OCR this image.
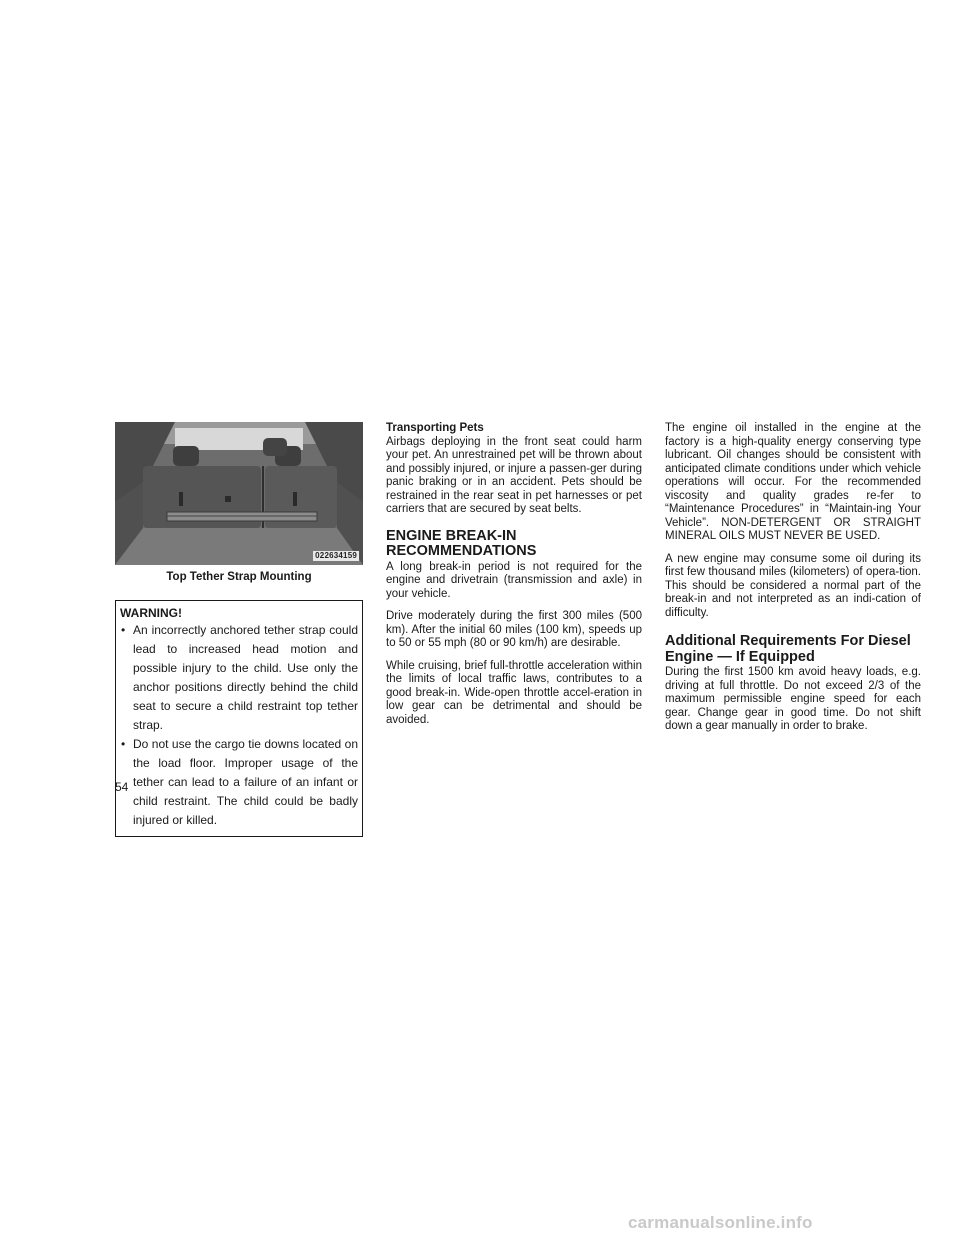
022634159
Top Tether Strap Mounting
WARNING!
• An incorrectly anchored tether strap could lead to increased head motion and possible injury to the child. Use only the anchor positions directly behind the child seat to secure a child restraint top tether strap.
• Do not use the cargo tie downs located on the load floor. Improper usage of the tether can lead to a failure of an infant or child restraint. The child could be badly injured or killed.
Transporting Pets

Airbags deploying in the front seat could harm your pet. An unrestrained pet will be thrown about and possibly injured, or injure a passen-ger during panic braking or in an accident. Pets should be restrained in the rear seat in pet harnesses or pet carriers that are secured by seat belts.

ENGINE BREAK-IN
RECOMMENDATIONS

A long break-in period is not required for the engine and drivetrain (transmission and axle) in your vehicle.

Drive moderately during the first 300 miles (500 km). After the initial 60 miles (100 km), speeds up to 50 or 55 mph (80 or 90 km/h) are desirable.

While cruising, brief full-throttle acceleration within the limits of local traffic laws, contributes to a good break-in. Wide-open throttle accel-eration in low gear can be detrimental and should be avoided.

The engine oil installed in the engine at the factory is a high-quality energy conserving type lubricant. Oil changes should be consistent with anticipated climate conditions under which vehicle operations will occur. For the recommended viscosity and quality grades re-fer to “Maintenance Procedures” in “Maintain-ing Your Vehicle”. NON-DETERGENT OR STRAIGHT MINERAL OILS MUST NEVER BE USED.

A new engine may consume some oil during its first few thousand miles (kilometers) of opera-tion. This should be considered a normal part of the break-in and not interpreted as an indi-cation of difficulty.

Additional Requirements For Diesel
Engine — If Equipped

During the first 1500 km avoid heavy loads, e.g. driving at full throttle. Do not exceed 2/3 of the maximum permissible engine speed for each gear. Change gear in good time. Do not shift down a gear manually in order to brake.

54
carmanualsonline.info
